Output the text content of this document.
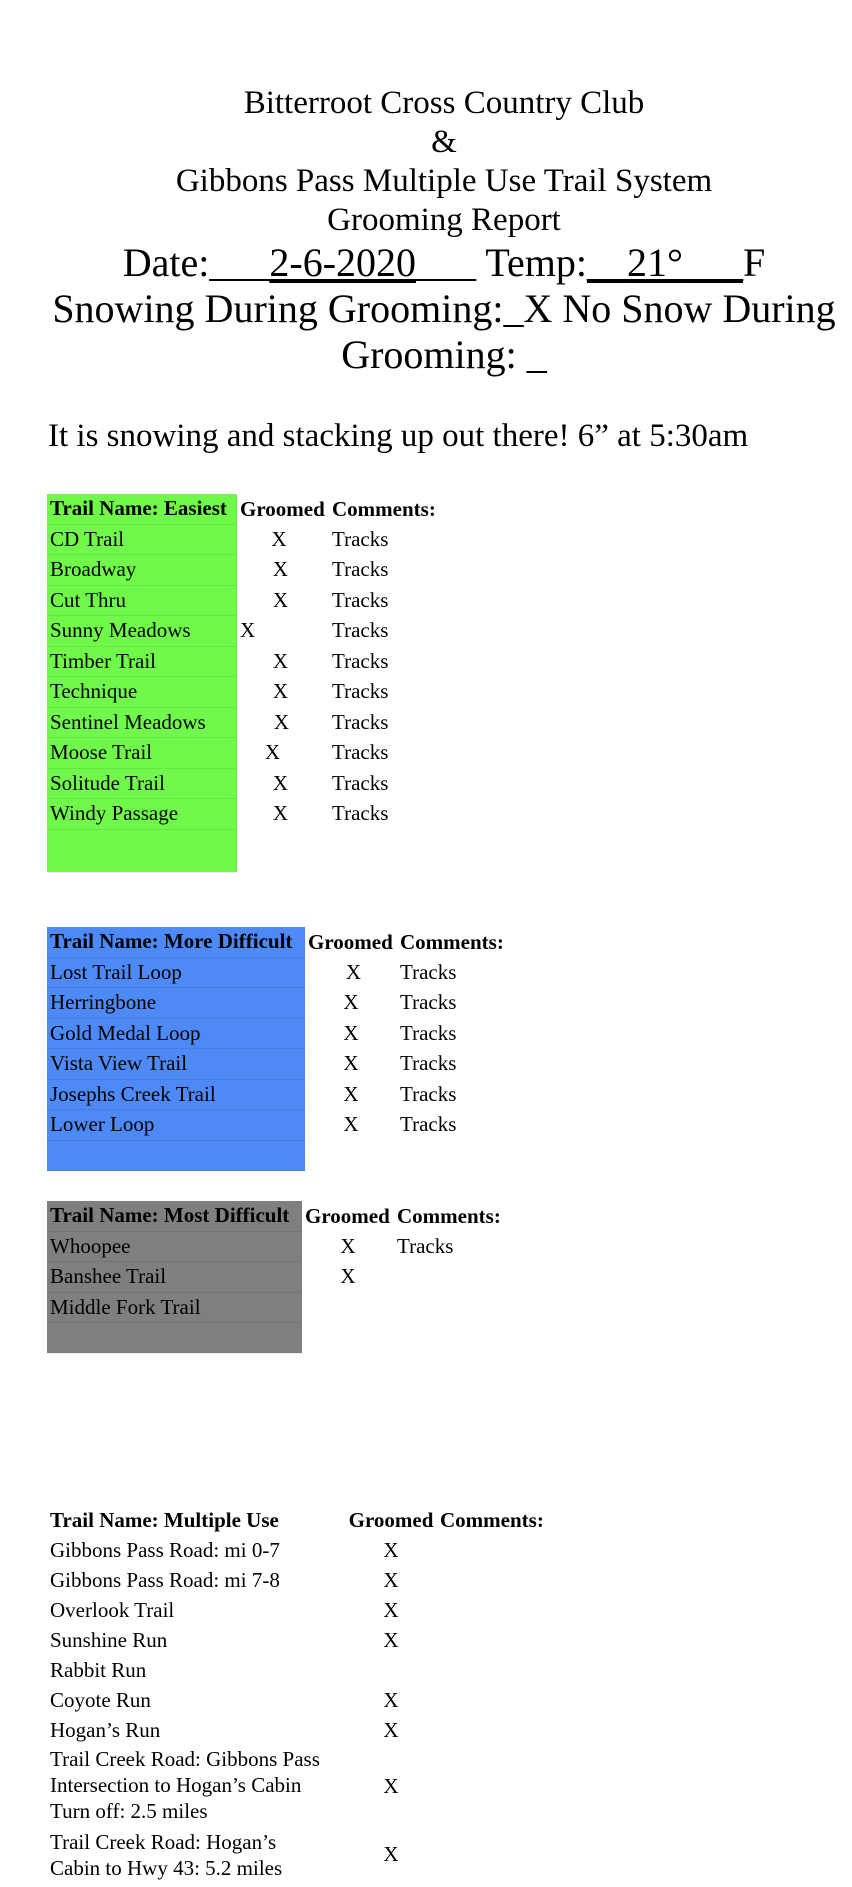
Bitterroot Cross Country Club
&
Gibbons Pass Multiple Use Trail System
Grooming Report
Date:___2-6-2020___ Temp:__21°___F
Snowing During Grooming:_X No Snow During
Grooming: _
It is snowing and stacking up out there! 6” at 5:30am
Trail Name: Easiest	Groomed	Comments:
CD Trail	X	Tracks
Broadway	X	Tracks
Cut Thru	X	Tracks
Sunny Meadows	X	Tracks
Timber Trail	X	Tracks
Technique	X	Tracks
Sentinel Meadows	X	Tracks
Moose Trail	X	Tracks
Solitude Trail	X	Tracks
Windy Passage	X	Tracks

Trail Name: More Difficult	Groomed	Comments:
Lost Trail Loop	X	Tracks
Herringbone	X	Tracks
Gold Medal Loop	X	Tracks
Vista View Trail	X	Tracks
Josephs Creek Trail	X	Tracks
Lower Loop	X	Tracks

Trail Name: Most Difficult	Groomed	Comments:
Whoopee	X	Tracks
Banshee Trail	X	
Middle Fork Trail		

Trail Name: Multiple Use	Groomed	Comments:
Gibbons Pass Road: mi 0-7	X	
Gibbons Pass Road: mi 7-8	X	
Overlook Trail	X	
Sunshine Run	X	
Rabbit Run		
Coyote Run	X	
Hogan’s Run	X	
Trail Creek Road: Gibbons Pass Intersection to Hogan’s Cabin Turn off: 2.5 miles	X	
Trail Creek Road: Hogan’s Cabin to Hwy 43: 5.2 miles	X	
